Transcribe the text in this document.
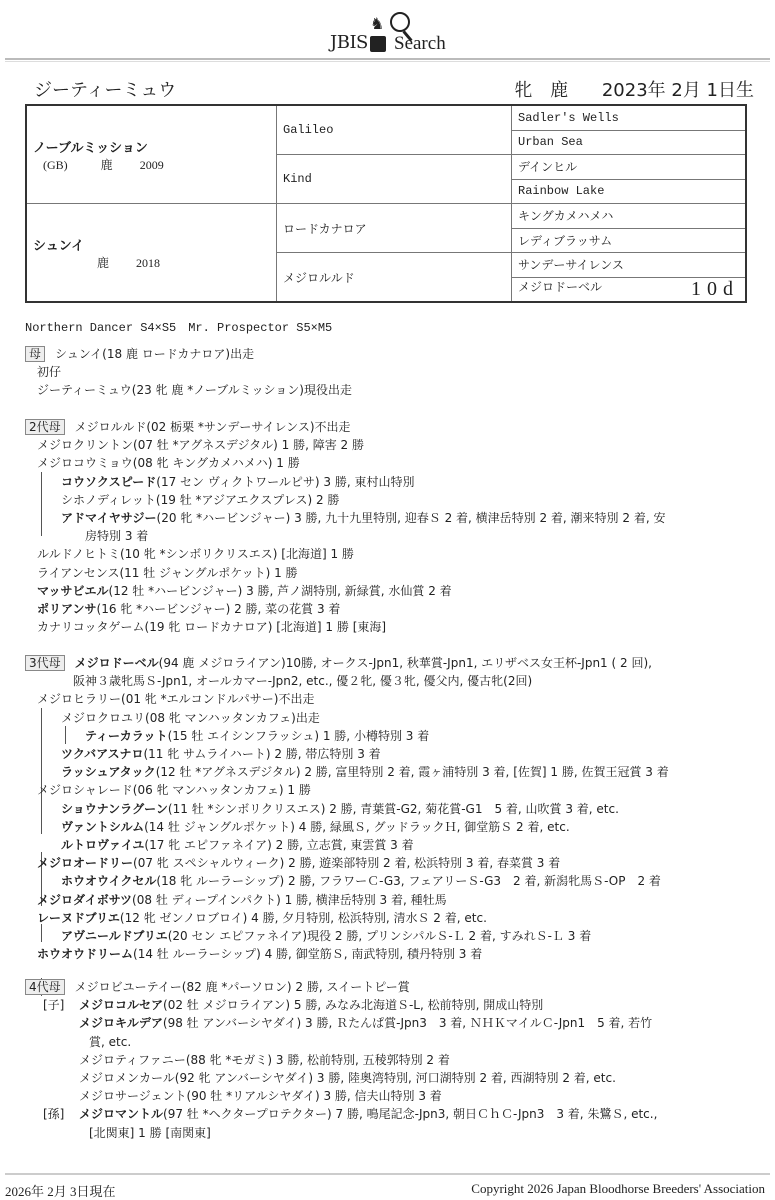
♞
JBIS Search
ジーティーミュウ	牝 鹿 2023年 2月 1日生
ノーブルミッション
(GB) 鹿 2009	Galileo	Sadler's Wells
		Urban Sea
	Kind	デインヒル
		Rainbow Lake

シュンイ
鹿 2018	ロードカナロア	キングカメハメハ
		レディブラッサム
	メジロルルド	サンデーサイレンス
		メジロドーベル 10d
Northern Dancer S4×S5　Mr. Prospector S5×M5
母 シュンイ(18 鹿 ロードカナロア)出走
初仔
ジーティーミュウ(23 牝 鹿 *ノーブルミッション)現役出走
2代母 メジロルルド(02 栃栗 *サンデーサイレンス)不出走
メジロクリントン(07 牡 *アグネスデジタル) 1 勝, 障害 2 勝
メジロコウミョウ(08 牝 キングカメハメハ) 1 勝
コウソクスピード(17 セン ヴィクトワールピサ) 3 勝, 東村山特別
シホノディレット(19 牡 *アジアエクスプレス) 2 勝
アドマイヤサジー(20 牝 *ハービンジャー) 3 勝, 九十九里特別, 迎春Ｓ 2 着, 横津岳特別 2 着, 潮来特別 2 着, 安
房特別 3 着
ルルドノヒトミ(10 牝 *シンボリクリスエス) [北海道] 1 勝
ライアンセンス(11 牡 ジャングルポケット) 1 勝
マッサビエル(12 牡 *ハービンジャー) 3 勝, 芦ノ湖特別, 新緑賞, 水仙賞 2 着
ポリアンサ(16 牝 *ハービンジャー) 2 勝, 菜の花賞 3 着
カナリコッタゲーム(19 牝 ロードカナロア) [北海道] 1 勝 [東海]
3代母 メジロドーベル(94 鹿 メジロライアン)10勝, オークス-Jpn1, 秋華賞-Jpn1, エリザベス女王杯-Jpn1 ( 2 回),
阪神３歳牝馬Ｓ-Jpn1, オールカマー-Jpn2, etc., 優２牝, 優３牝, 優父内, 優古牝(2回)
メジロヒラリー(01 牝 *エルコンドルパサー)不出走
メジロクロユリ(08 牝 マンハッタンカフェ)出走
ティーカラット(15 牡 エイシンフラッシュ) 1 勝, 小樽特別 3 着
ツクバアスナロ(11 牝 サムライハート) 2 勝, 帯広特別 3 着
ラッシュアタック(12 牡 *アグネスデジタル) 2 勝, 富里特別 2 着, 霞ヶ浦特別 3 着, [佐賀] 1 勝, 佐賀王冠賞 3 着
メジロシャレード(06 牝 マンハッタンカフェ) 1 勝
ショウナンラグーン(11 牡 *シンボリクリスエス) 2 勝, 青葉賞-G2, 菊花賞-G1　5 着, 山吹賞 3 着, etc.
ヴァントシルム(14 牡 ジャングルポケット) 4 勝, 緑風Ｓ, グッドラックＨ, 御堂筋Ｓ 2 着, etc.
ルトロヴァイユ(17 牝 エピファネイア) 2 勝, 立志賞, 東雲賞 3 着
メジロオードリー(07 牝 スペシャルウィーク) 2 勝, 遊楽部特別 2 着, 松浜特別 3 着, 春菜賞 3 着
ホウオウイクセル(18 牝 ルーラーシップ) 2 勝, フラワーＣ-G3, フェアリーＳ-G3　2 着, 新潟牝馬Ｓ-OP　2 着
メジロダイボサツ(08 牡 ディープインパクト) 1 勝, 横津岳特別 3 着, 種牡馬
レーヌドブリエ(12 牝 ゼンノロブロイ) 4 勝, 夕月特別, 松浜特別, 清水Ｓ 2 着, etc.
アヴニールドブリエ(20 セン エピファネイア)現役 2 勝, プリンシパルＳ-Ｌ 2 着, すみれＳ-Ｌ 3 着
ホウオウドリーム(14 牡 ルーラーシップ) 4 勝, 御堂筋Ｓ, 南武特別, 積丹特別 3 着
4代母 メジロビユーテイー(82 鹿 *パーソロン) 2 勝, スイートピー賞
[子] メジロコルセア(02 牡 メジロライアン) 5 勝, みなみ北海道Ｓ-L, 松前特別, 開成山特別
メジロキルデア(98 牡 アンバーシヤダイ) 3 勝, Ｒたんぱ賞-Jpn3　3 着, ＮＨＫマイルＣ-Jpn1　5 着, 若竹
賞, etc.
メジロティファニー(88 牝 *モガミ) 3 勝, 松前特別, 五稜郭特別 2 着
メジロメンカール(92 牝 アンバーシヤダイ) 3 勝, 陸奥湾特別, 河口湖特別 2 着, 西湖特別 2 着, etc.
メジロサージェント(90 牡 *リアルシヤダイ) 3 勝, 信夫山特別 3 着
[孫] メジロマントル(97 牡 *ヘクタープロテクター) 7 勝, 鳴尾記念-Jpn3, 朝日ＣｈＣ-Jpn3　3 着, 朱鷺Ｓ, etc.,
[北関東] 1 勝 [南関東]
2026年 2月 3日現在	Copyright 2026 Japan Bloodhorse Breeders' Association
